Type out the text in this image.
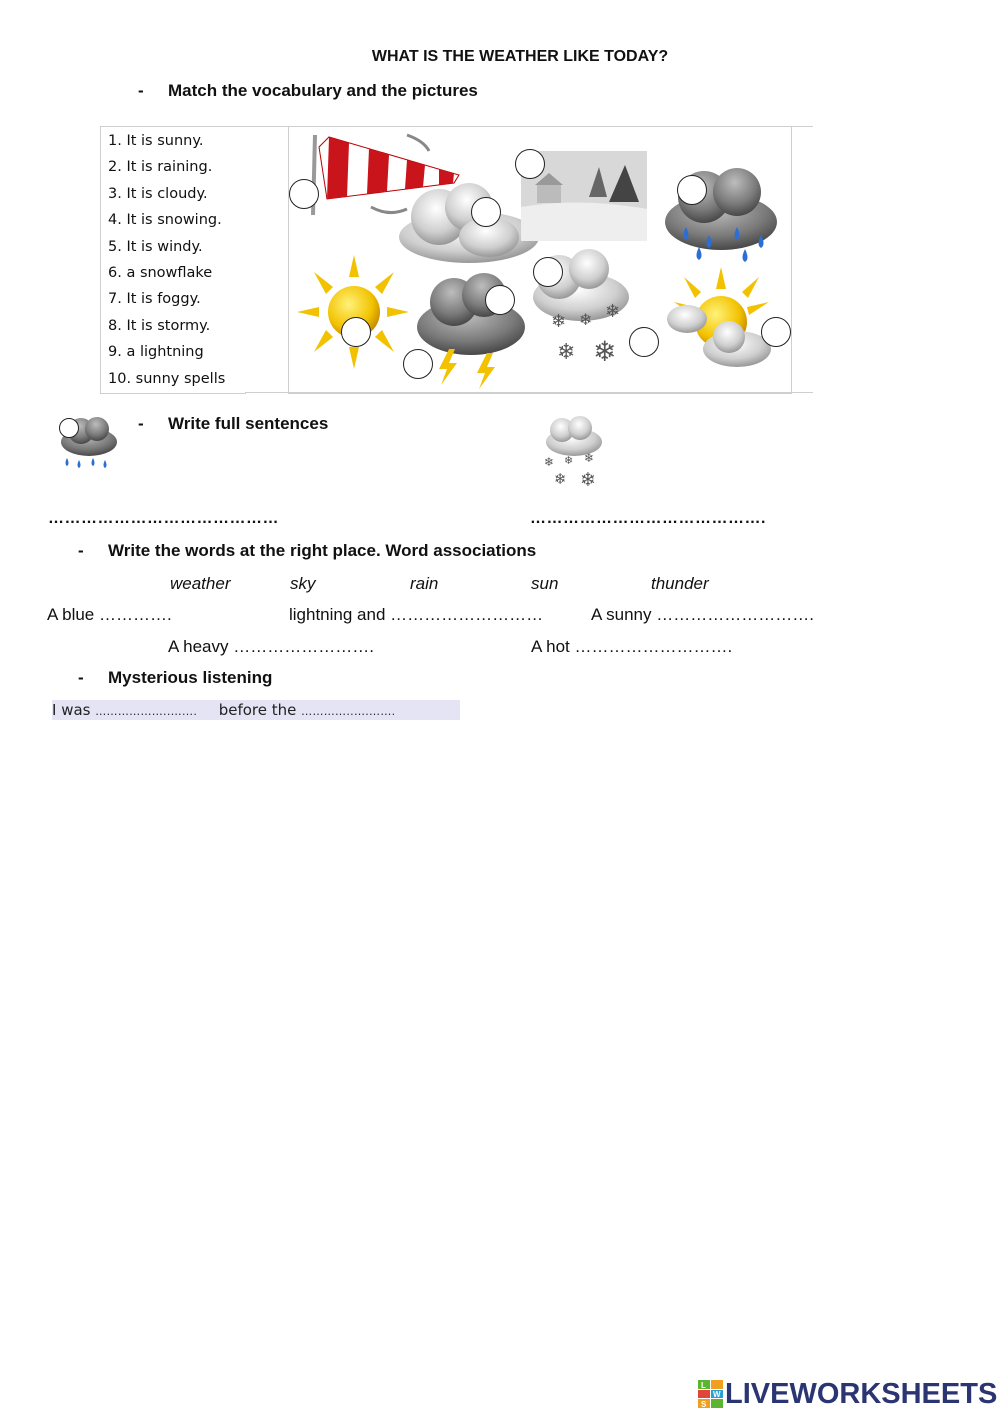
WHAT IS THE WEATHER LIKE TODAY?
- Match the vocabulary and the pictures
1. It is sunny.
2. It is raining.
3. It is cloudy.
4. It is snowing.
5. It is windy.
6. a snowflake
7. It is foggy.
8. It is stormy.
9. a lightning
10. sunny spells
❄ ❄ ❄
❄ ❄
- Write full sentences
❄ ❄ ❄
❄ ❄
……………………………………	…………………………………….
- Write the words at the right place. Word associations
weather	sky	rain	sun	thunder
A blue ………….	lightning and ………………………	A sunny ……………………….
A heavy …………………….	A hot ……………………….
- Mysterious listening
I was ………………..….... before the …………..….…….
L
W
S LIVEWORKSHEETS
